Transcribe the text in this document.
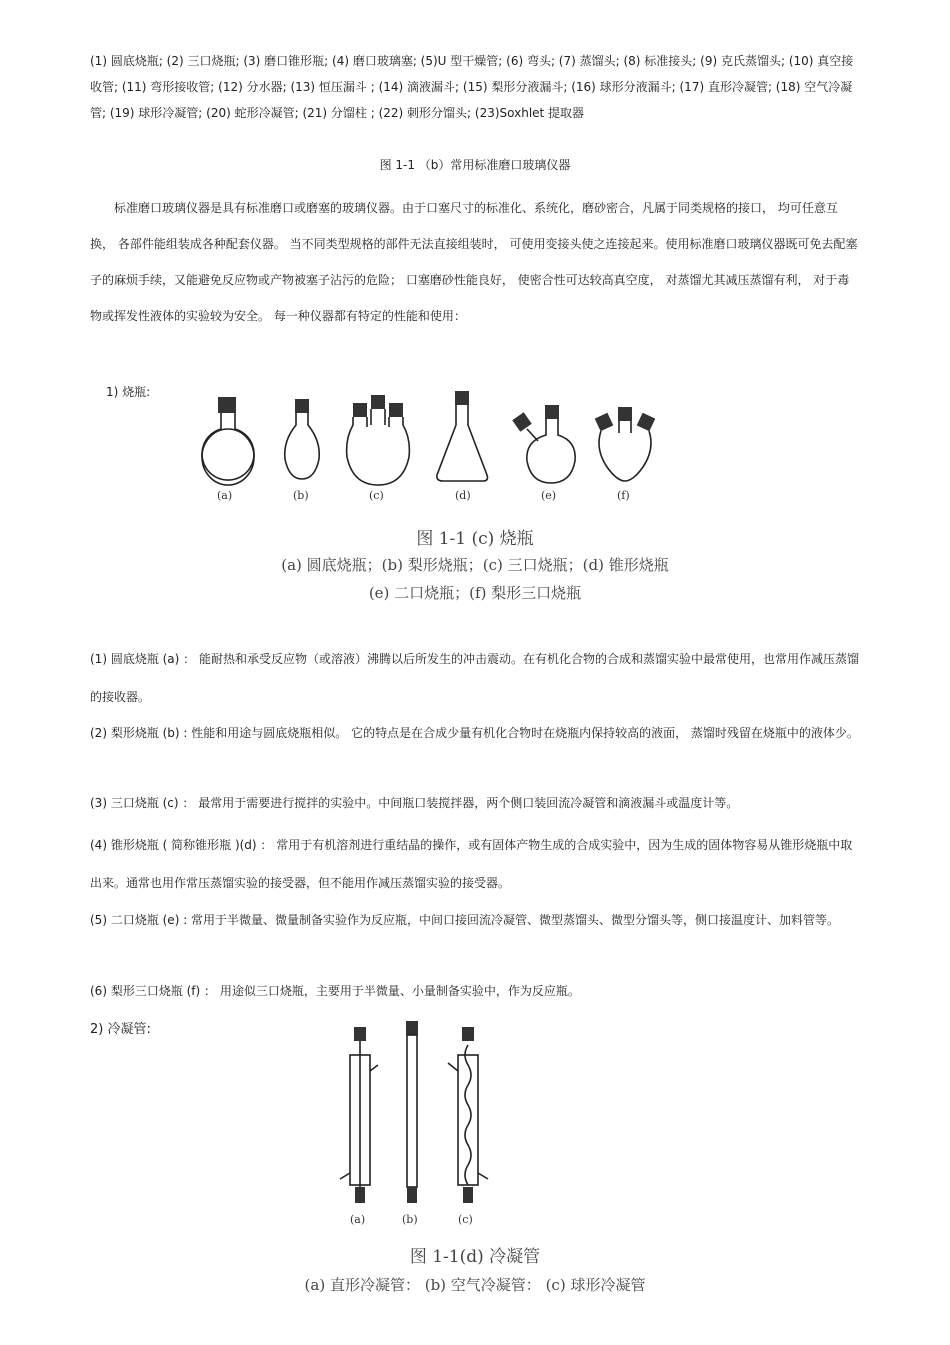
(1) 圆底烧瓶; (2) 三口烧瓶; (3) 磨口锥形瓶; (4) 磨口玻璃塞; (5)U 型干燥管; (6) 弯头; (7) 蒸馏头; (8) 标准接头; (9) 克氏蒸馏头; (10) 真空接收管; (11) 弯形接收管; (12) 分水器; (13) 恒压漏斗 ; (14) 滴液漏斗; (15) 梨形分液漏斗; (16) 球形分液漏斗; (17) 直形冷凝管; (18) 空气冷凝管; (19) 球形冷凝管; (20) 蛇形冷凝管; (21) 分馏柱 ; (22) 刺形分馏头; (23)Soxhlet 提取器

图 1-1 （b）常用标准磨口玻璃仪器

　　标准磨口玻璃仪器是具有标准磨口或磨塞的玻璃仪器。由于口塞尺寸的标准化、系统化，磨砂密合，凡属于同类规格的接口， 均可任意互换， 各部件能组装成各种配套仪器。 当不同类型规格的部件无法直接组装时， 可使用变接头使之连接起来。使用标准磨口玻璃仪器既可免去配塞子的麻烦手续，又能避免反应物或产物被塞子沾污的危险； 口塞磨砂性能良好， 使密合性可达较高真空度， 对蒸馏尤其减压蒸馏有利， 对于毒物或挥发性液体的实验较为安全。 每一种仪器都有特定的性能和使用：

1) 烧瓶:
(a)	(b)	(c)	(d)	(e)	(f)
图 1-1 (c) 烧瓶
(a) 圆底烧瓶；(b) 梨形烧瓶；(c) 三口烧瓶；(d) 锥形烧瓶
(e) 二口烧瓶；(f) 梨形三口烧瓶

(1) 圆底烧瓶 (a) ： 能耐热和承受反应物（或溶液）沸腾以后所发生的冲击震动。在有机化合物的合成和蒸馏实验中最常使用，也常用作减压蒸馏的接收器。

(2) 梨形烧瓶 (b) : 性能和用途与圆底烧瓶相似。 它的特点是在合成少量有机化合物时在烧瓶内保持较高的液面， 蒸馏时残留在烧瓶中的液体少。

(3) 三口烧瓶 (c) ： 最常用于需要进行搅拌的实验中。中间瓶口装搅拌器，两个侧口装回流冷凝管和滴液漏斗或温度计等。

(4) 锥形烧瓶 ( 简称锥形瓶 )(d) ： 常用于有机溶剂进行重结晶的操作，或有固体产物生成的合成实验中，因为生成的固体物容易从锥形烧瓶中取出来。通常也用作常压蒸馏实验的接受器，但不能用作减压蒸馏实验的接受器。

(5) 二口烧瓶 (e) : 常用于半微量、微量制备实验作为反应瓶，中间口接回流冷凝管、微型蒸馏头、微型分馏头等，侧口接温度计、加料管等。

(6) 梨形三口烧瓶 (f) ： 用途似三口烧瓶，主要用于半微量、小量制备实验中，作为反应瓶。

2) 冷凝管:
(a)	(b)	(c)
图 1-1(d) 冷凝管
(a) 直形冷凝管： (b) 空气冷凝管： (c) 球形冷凝管
